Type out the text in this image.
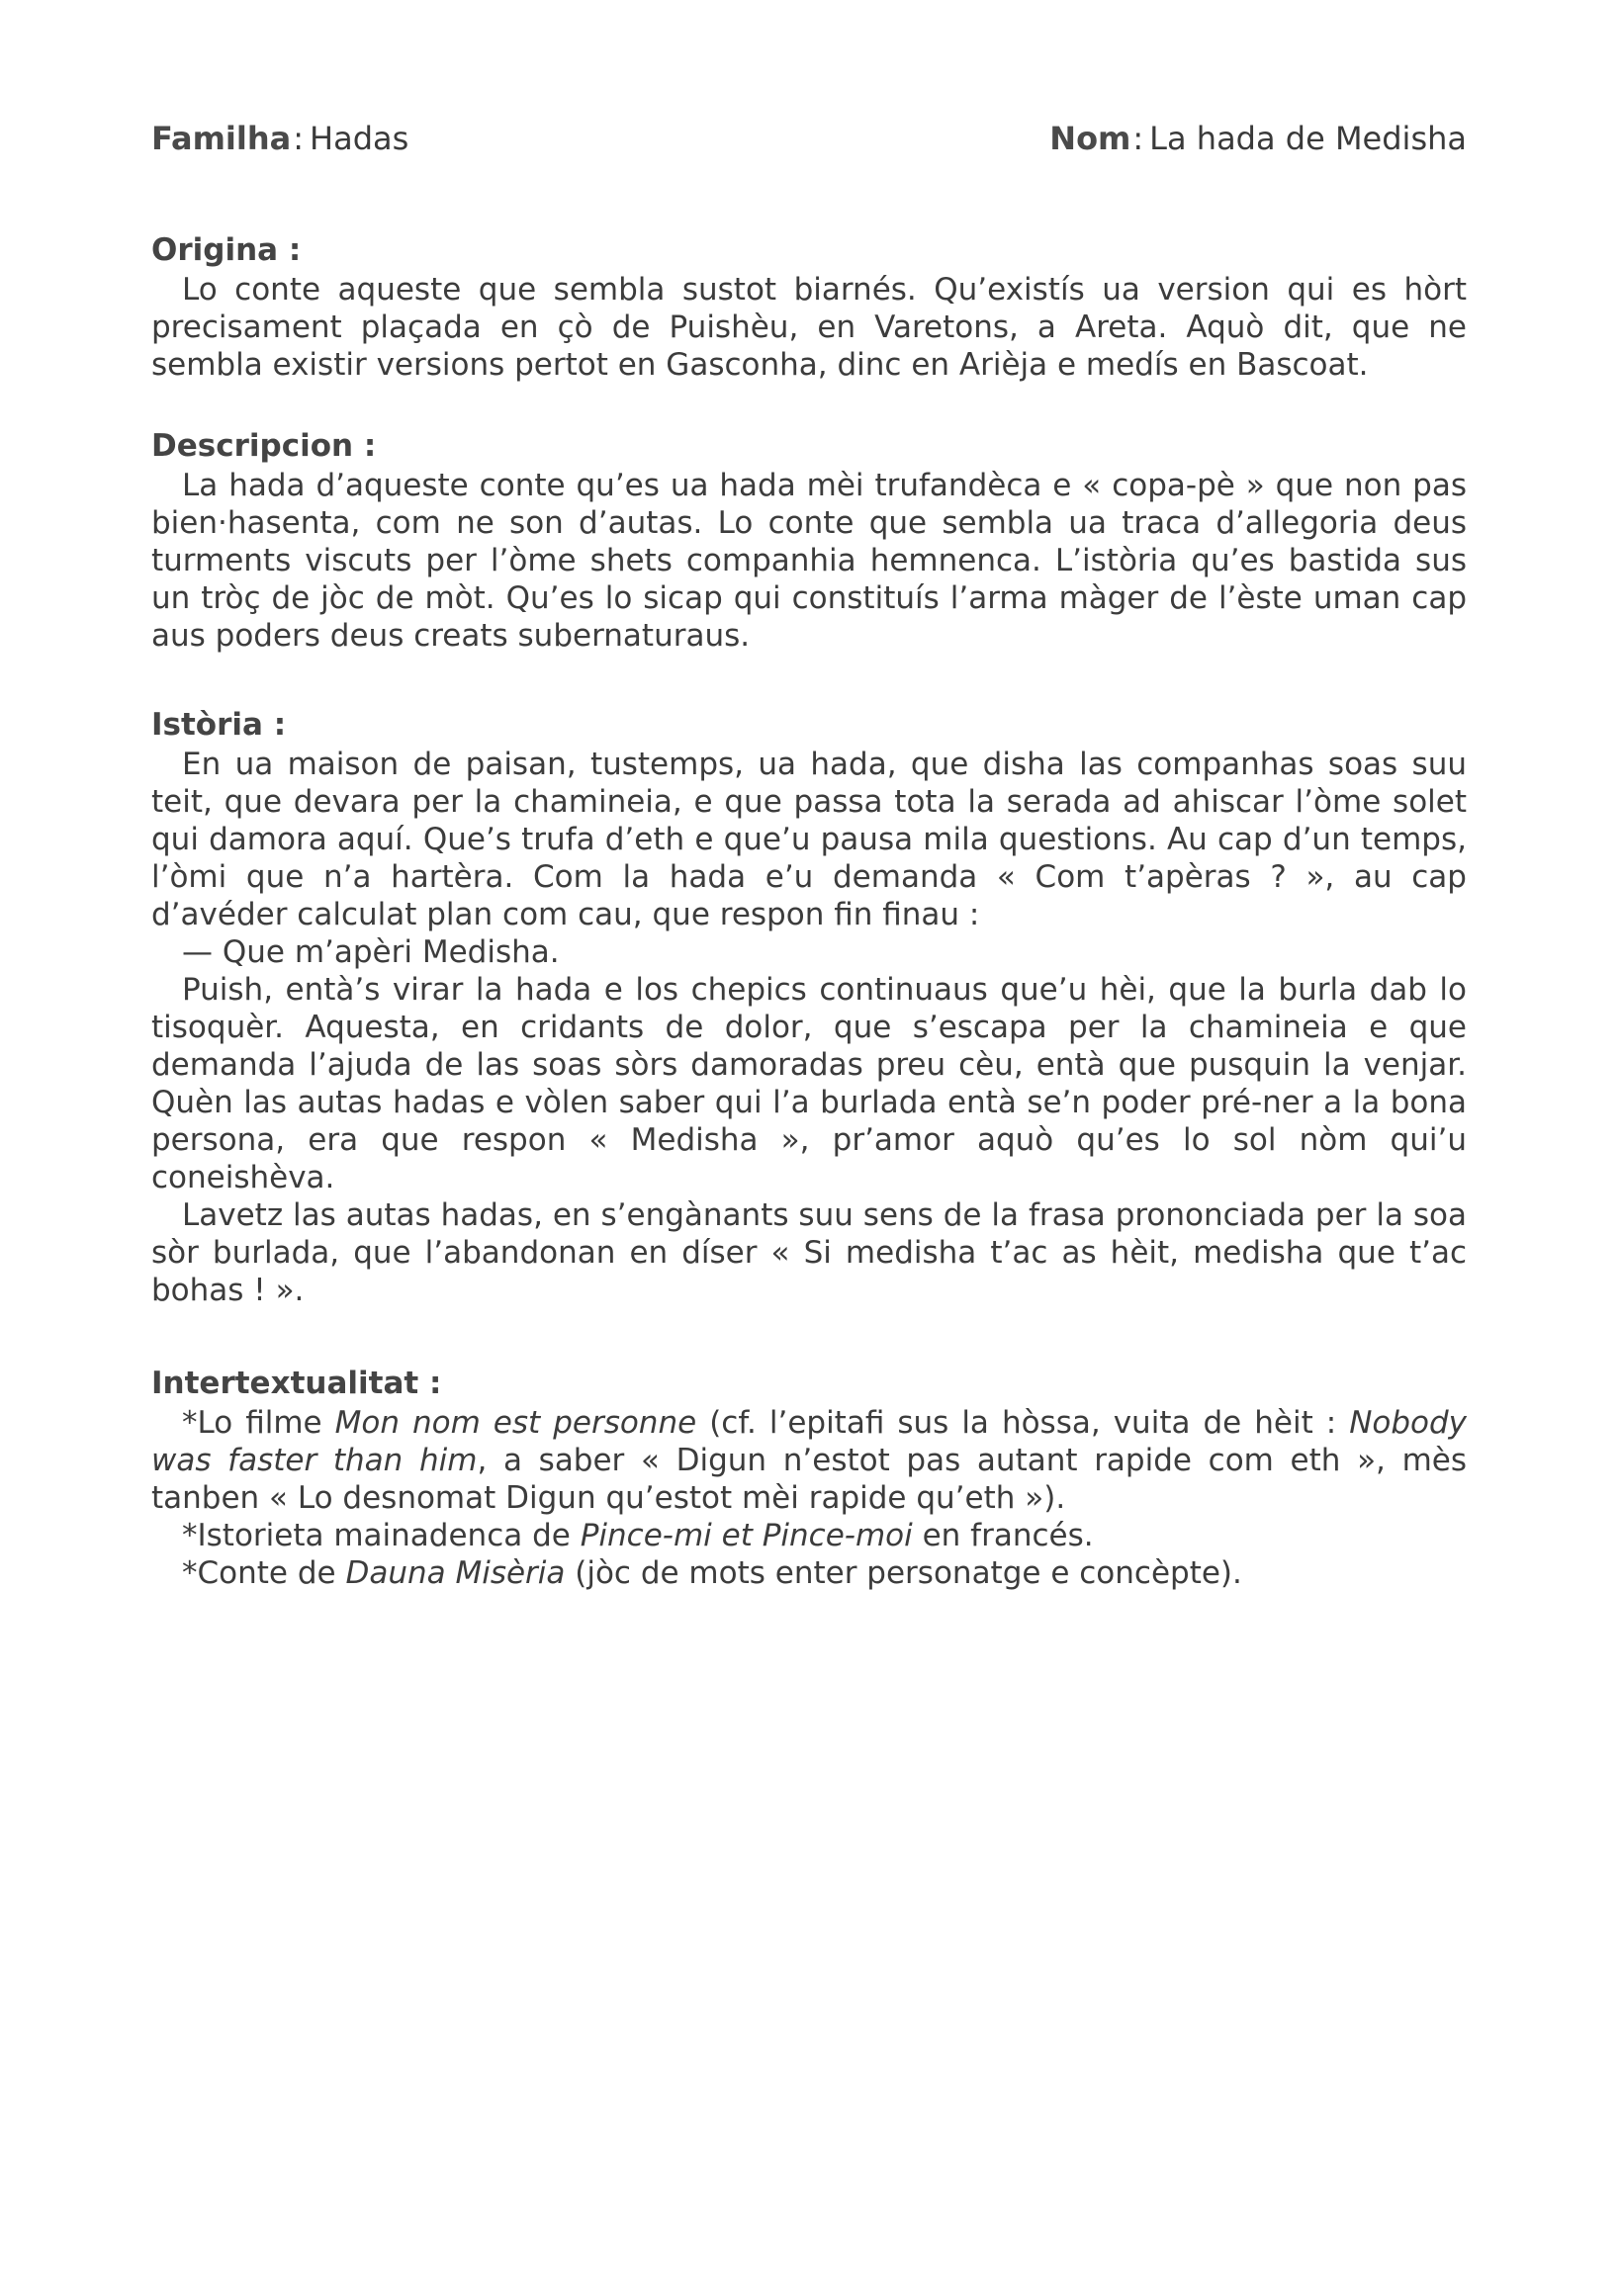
Familha: Hadas	Nom: La hada de Medisha

Origina :

Lo conte aqueste que sembla sustot biarnés. Qu’existís ua version qui es hòrt precisament plaçada en çò de Puishèu, en Varetons, a Areta. Aquò dit, que ne sembla existir versions pertot en Gasconha, dinc en Arièja e medís en Bascoat.

Descripcion :

La hada d’aqueste conte qu’es ua hada mèi trufandèca e « copa-pè » que non pas bien·hasenta, com ne son d’autas. Lo conte que sembla ua traca d’allegoria deus turments viscuts per l’òme shets companhia hemnenca. L’istòria qu’es bastida sus un tròç de jòc de mòt. Qu’es lo sicap qui constituís l’arma màger de l’èste uman cap aus poders deus creats subernaturaus.

Istòria :

En ua maison de paisan, tustemps, ua hada, que disha las companhas soas suu teit, que devara per la chamineia, e que passa tota la serada ad ahiscar l’òme solet qui damora aquí. Que’s trufa d’eth e que’u pausa mila questions. Au cap d’un temps, l’òmi que n’a hartèra. Com la hada e’u demanda « Com t’apèras ? », au cap d’avéder calculat plan com cau, que respon fin finau :

— Que m’apèri Medisha.

Puish, entà’s virar la hada e los chepics continuaus que’u hèi, que la burla dab lo tisoquèr. Aquesta, en cridants de dolor, que s’escapa per la chamineia e que demanda l’ajuda de las soas sòrs damoradas preu cèu, entà que pusquin la venjar. Quèn las autas hadas e vòlen saber qui l’a burlada entà se’n poder pré-ner a la bona persona, era que respon « Medisha », pr’amor aquò qu’es lo sol nòm qui’u coneishèva.

Lavetz las autas hadas, en s’engànants suu sens de la frasa prononciada per la soa sòr burlada, que l’abandonan en díser « Si medisha t’ac as hèit, medisha que t’ac bohas ! ».

Intertextualitat :

*Lo filme Mon nom est personne (cf. l’epitafi sus la hòssa, vuita de hèit : Nobody was faster than him, a saber « Digun n’estot pas autant rapide com eth », mès tanben « Lo desnomat Digun qu’estot mèi rapide qu’eth »).

*Istorieta mainadenca de Pince-mi et Pince-moi en francés.

*Conte de Dauna Misèria (jòc de mots enter personatge e concèpte).
